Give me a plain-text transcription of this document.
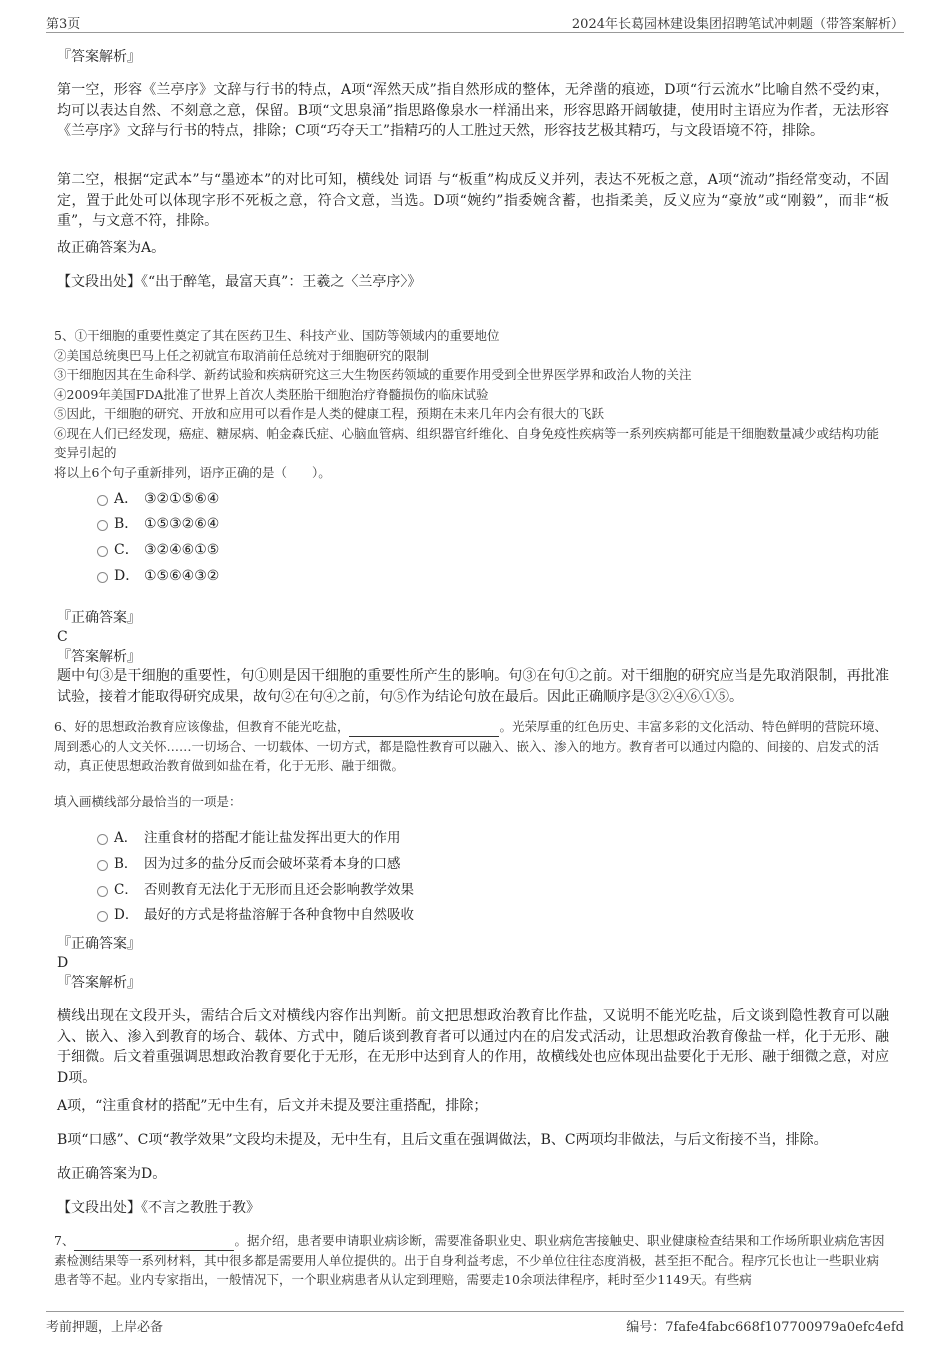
第3页	2024年长葛园林建设集团招聘笔试冲刺题（带答案解析）
『答案解析』

第一空，形容《兰亭序》文辞与行书的特点，A项“浑然天成”指自然形成的整体，无斧凿的痕迹，D项“行云流水”比喻自然不受约束，均可以表达自然、不刻意之意，保留。B项“文思泉涌”指思路像泉水一样涌出来，形容思路开阔敏捷，使用时主语应为作者，无法形容《兰亭序》文辞与行书的特点，排除；C项“巧夺天工”指精巧的人工胜过天然，形容技艺极其精巧，与文段语境不符，排除。

第二空，根据“定武本”与“墨迹本”的对比可知，横线处 词语 与“板重”构成反义并列，表达不死板之意，A项“流动”指经常变动，不固定，置于此处可以体现字形不死板之意，符合文意，当选。D项“婉约”指委婉含蓄，也指柔美，反义应为“豪放”或“刚毅”，而非“板重”，与文意不符，排除。

故正确答案为A。

【文段出处】《“出于醉笔，最富天真”：王羲之〈兰亭序〉》

5、①干细胞的重要性奠定了其在医药卫生、科技产业、国防等领域内的重要地位

②美国总统奥巴马上任之初就宣布取消前任总统对于细胞研究的限制

③干细胞因其在生命科学、新药试验和疾病研究这三大生物医药领域的重要作用受到全世界医学界和政治人物的关注

④2009年美国FDA批准了世界上首次人类胚胎干细胞治疗脊髓损伤的临床试验

⑤因此，干细胞的研究、开放和应用可以看作是人类的健康工程，预期在未来几年内会有很大的飞跃

⑥现在人们已经发现，癌症、糖尿病、帕金森氏症、心脑血管病、组织器官纤维化、自身免疫性疾病等一系列疾病都可能是干细胞数量减少或结构功能变异引起的

将以上6个句子重新排列，语序正确的是（　　）。

A． ③②①⑤⑥④
B． ①⑤③②⑥④
C． ③②④⑥①⑤
D． ①⑤⑥④③②
『正确答案』
C
『答案解析』

题中句③是干细胞的重要性，句①则是因干细胞的重要性所产生的影响。句③在句①之前。对干细胞的研究应当是先取消限制，再批准试验，接着才能取得研究成果，故句②在句④之前，句⑤作为结论句放在最后。因此正确顺序是③②④⑥①⑤。

6、好的思想政治教育应该像盐，但教育不能光吃盐，	。光荣厚重的红色历史、丰富多彩的文化活动、特色鲜明的营院环境、周到悉心的人文关怀……一切场合、一切载体、一切方式，都是隐性教育可以融入、嵌入、渗入的地方。教育者可以通过内隐的、间接的、启发式的活动，真正使思想政治教育做到如盐在肴，化于无形、融于细微。

填入画横线部分最恰当的一项是：

A． 注重食材的搭配才能让盐发挥出更大的作用
B． 因为过多的盐分反而会破坏菜肴本身的口感
C． 否则教育无法化于无形而且还会影响教学效果
D． 最好的方式是将盐溶解于各种食物中自然吸收
『正确答案』
D
『答案解析』

横线出现在文段开头，需结合后文对横线内容作出判断。前文把思想政治教育比作盐，又说明不能光吃盐，后文谈到隐性教育可以融入、嵌入、渗入到教育的场合、载体、方式中，随后谈到教育者可以通过内在的启发式活动，让思想政治教育像盐一样，化于无形、融于细微。后文着重强调思想政治教育要化于无形，在无形中达到育人的作用，故横线处也应体现出盐要化于无形、融于细微之意，对应D项。

A项，“注重食材的搭配”无中生有，后文并未提及要注重搭配，排除；

B项“口感”、C项“教学效果”文段均未提及，无中生有，且后文重在强调做法，B、C两项均非做法，与后文衔接不当，排除。

故正确答案为D。

【文段出处】《不言之教胜于教》

7、	。据介绍，患者要申请职业病诊断，需要准备职业史、职业病危害接触史、职业健康检查结果和工作场所职业病危害因素检测结果等一系列材料，其中很多都是需要用人单位提供的。出于自身利益考虑，不少单位往往态度消极，甚至拒不配合。程序冗长也让一些职业病患者等不起。业内专家指出，一般情况下，一个职业病患者从认定到理赔，需要走10余项法律程序，耗时至少1149天。有些病

考前押题，上岸必备	编号：7fafe4fabc668f107700979a0efc4efd
